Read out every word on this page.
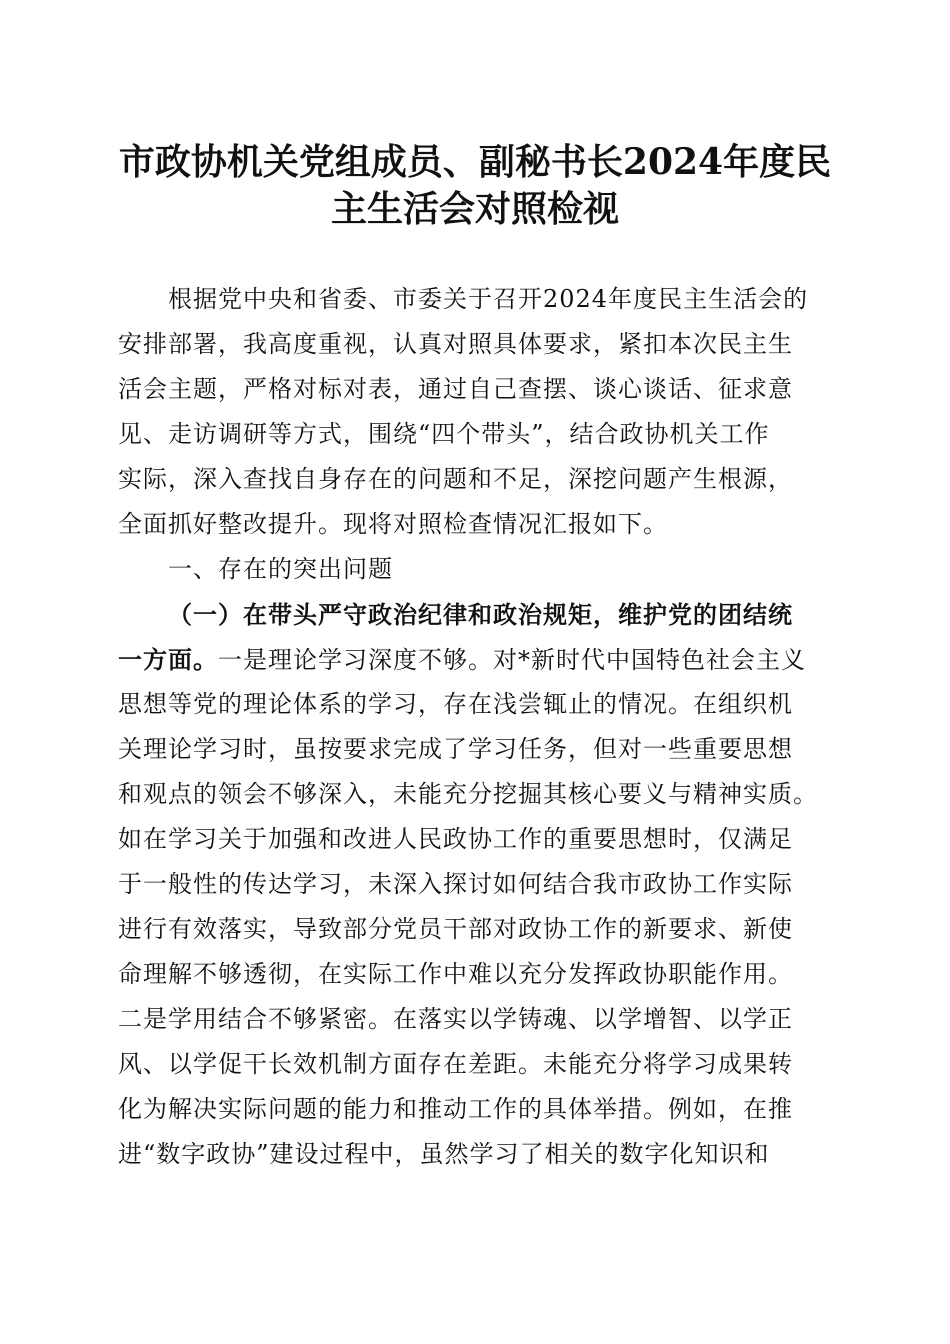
市政协机关党组成员、副秘书长2024年度民
主生活会对照检视
根据党中央和省委、市委关于召开2024年度民主生活会的
安排部署，我高度重视，认真对照具体要求，紧扣本次民主生
活会主题，严格对标对表，通过自己查摆、谈心谈话、征求意
见、走访调研等方式，围绕“四个带头”，结合政协机关工作
实际，深入查找自身存在的问题和不足，深挖问题产生根源，
全面抓好整改提升。现将对照检查情况汇报如下。
一、存在的突出问题
（一）在带头严守政治纪律和政治规矩，维护党的团结统
一方面。一是理论学习深度不够。对*新时代中国特色社会主义
思想等党的理论体系的学习，存在浅尝辄止的情况。在组织机
关理论学习时，虽按要求完成了学习任务，但对一些重要思想
和观点的领会不够深入，未能充分挖掘其核心要义与精神实质。
如在学习关于加强和改进人民政协工作的重要思想时，仅满足
于一般性的传达学习，未深入探讨如何结合我市政协工作实际
进行有效落实，导致部分党员干部对政协工作的新要求、新使
命理解不够透彻，在实际工作中难以充分发挥政协职能作用。
二是学用结合不够紧密。在落实以学铸魂、以学增智、以学正
风、以学促干长效机制方面存在差距。未能充分将学习成果转
化为解决实际问题的能力和推动工作的具体举措。例如，在推
进“数字政协”建设过程中，虽然学习了相关的数字化知识和
